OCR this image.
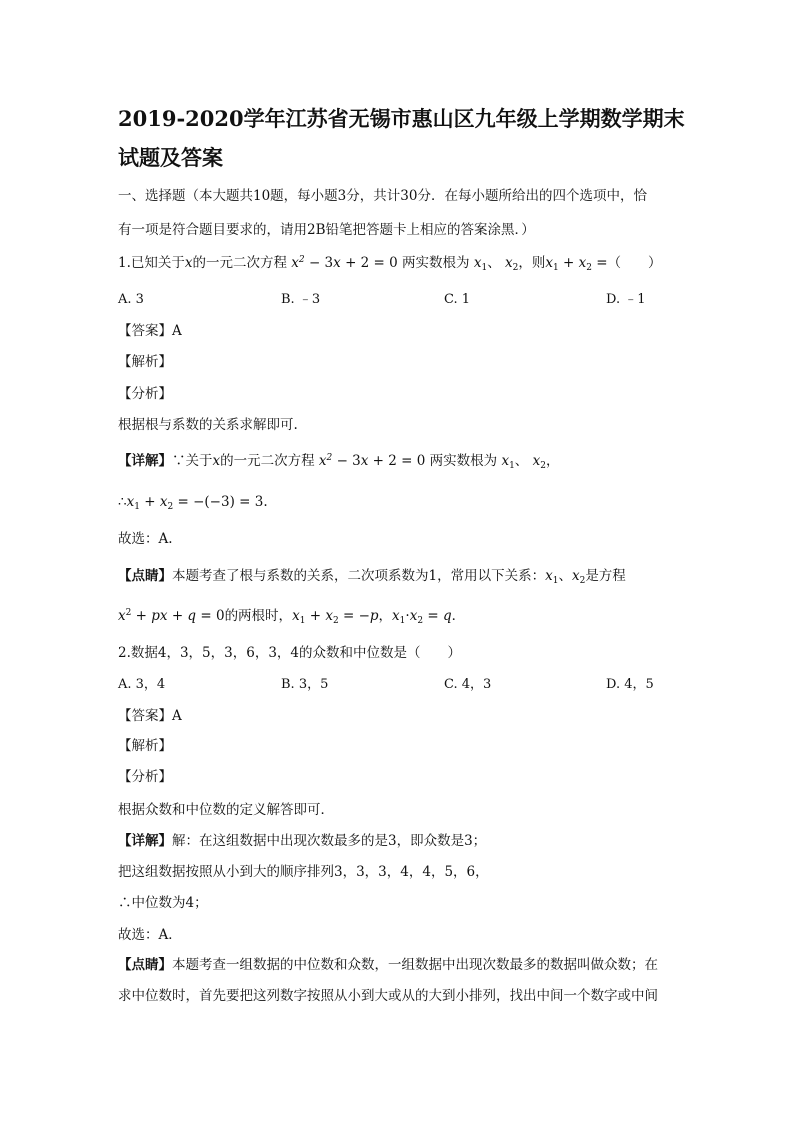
2019-2020学年江苏省无锡市惠山区九年级上学期数学期末
试题及答案
一、选择题（本大题共10题，每小题3分，共计30分．在每小题所给出的四个选项中，恰
有一项是符合题目要求的，请用2B铅笔把答题卡上相应的答案涂黑．）
1.已知关于x的一元二次方程 $x^2 - 3x + 2 = 0$ 两实数根为 $x_1$、 $x_2$，则$x_1 + x_2$ =（　　）
A. 3	B. ﹣3	C. 1	D. ﹣1
【答案】A
【解析】
【分析】
根据根与系数的关系求解即可.
【详解】∵关于x的一元二次方程 $x^2 - 3x + 2 = 0$ 两实数根为 $x_1$、 $x_2$，
$\therefore x_1 + x_2 = -(-3) = 3$.
故选：A.
【点睛】本题考查了根与系数的关系，二次项系数为1，常用以下关系：$x_1$、$x_2$是方程
$x^2$ + px + q = 0的两根时，$x_1 + x_2 = -p$，$x_1\cdot x_2 = q$．
2.数据4，3，5，3，6，3，4的众数和中位数是（　　）
A. 3，4	B. 3，5	C. 4，3	D. 4，5
【答案】A
【解析】
【分析】
根据众数和中位数的定义解答即可．
【详解】解：在这组数据中出现次数最多的是3，即众数是3；
把这组数据按照从小到大的顺序排列3，3，3，4，4，5，6，
∴中位数为4；
故选：A．
【点睛】本题考查一组数据的中位数和众数，一组数据中出现次数最多的数据叫做众数；在
求中位数时，首先要把这列数字按照从小到大或从的大到小排列，找出中间一个数字或中间
